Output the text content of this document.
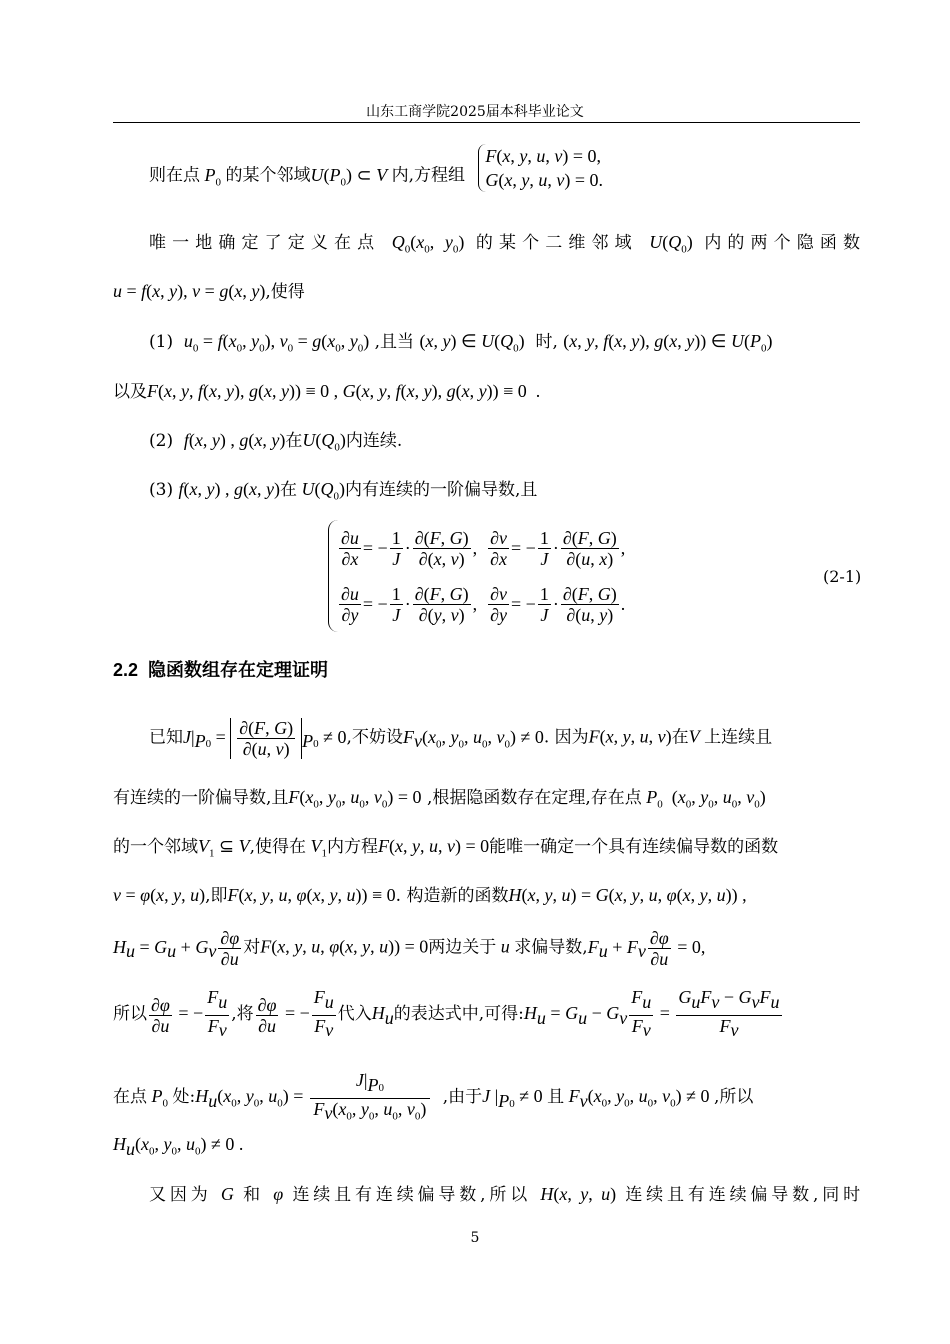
山东工商学院2025届本科毕业论文
则在点 $P_0$ 的某个邻域$U(P_0)$ ⊂ V 内,方程组 F(x, y, u, v) = 0,
G(x, y, u, v) = 0.
唯一地确定了定义在点 $Q_0(x_0$, $y_0$) 的某个二维邻域 $U(Q_0)$ 内的两个隐函数
u = f(x, y), v = g(x, y),使得
(1) $u_0 = f(x_0$, $y_0$), $v_0 = g(x_0$, $y_0$) ,且当 (x, y) ∈ $U(Q_0)$ 时, (x, y, f(x, y), g(x, y)) ∈ $U(P_0)$
以及F(x, y, f(x, y), g(x, y)) ≡ 0 , G(x, y, f(x, y), g(x, y)) ≡ 0  .
(2) f(x, y) , g(x, y)在$U(Q_0)$内连续.
(3) f(x, y) , g(x, y)在 $U(Q_0)$内有连续的一阶偏导数,且
$\frac{\partial u}{\partial x}$ = − $\frac{1}{J} \cdot \frac{\partial(F, G)}{\partial(x, v)}$ , $\frac{\partial v}{\partial x}$ = − $\frac{1}{J} \cdot \frac{\partial(F, G)}{\partial(u, x)}$ ,
$\frac{\partial u}{\partial y}$ = − $\frac{1}{J} \cdot \frac{\partial(F, G)}{\partial(y, v)}$ , $\frac{\partial v}{\partial y}$ = − $\frac{1}{J} \cdot \frac{\partial(F, G)}{\partial(u, y)}$ .
(2-1)
2.2 隐函数组存在定理证明
已知$J|_{P0} = \frac{\partial(F, G)}{\partial(u, v)} _{P0} \ne 0$,不妨设$F_v(x_0$, $y_0$, $u_0$, $v_0) \ne 0$. 因为F(x, y, u, v)在V 上连续且
有连续的一阶偏导数,且$F(x_0$, $y_0$, $u_0$, $v_0) = 0$ ,根据隐函数存在定理,存在点 $P_0$  ($x_0$, $y_0$, $u_0$, $v_0$)
的一个邻域$V_1$ ⊆ V,使得在 $V_1$内方程F(x, y, u, v) = 0能唯一确定一个具有连续偏导数的函数
v = φ(x, y, u),即F(x, y, u, φ(x, y, u)) ≡ 0. 构造新的函数H(x, y, u) = G(x, y, u, φ(x, y, u)) ,
$H_u = G_u + G_v \frac{\partial\varphi}{\partial u}$ 对F(x, y, u, φ(x, y, u)) = 0两边关于 u 求偏导数$,F_u + F_v \frac{\partial\varphi}{\partial u} = 0$,
所以 $\frac{\partial\varphi}{\partial u}$ = − $\frac{F_u}{F_v}$ ,将 $\frac{\partial\varphi}{\partial u}$ = − $\frac{F_u}{F_v}$ 代入$H_u$的表达式中,可得$:H_u = G_u - G_v \frac{F_u}{F_v} = \frac{G_uF_v - G_vF_u}{F_v}$
在点 $P_0$ 处$:H_u(x_0$, $y_0$, $u_0) = \frac{J|_{P0}}{F_v(x_0, y_0, u_0, v_0)}$ ,由于J $|_{P0} \ne 0$ 且 $F_v(x_0$, $y_0$, $u_0$, $v_0) \ne 0$ ,所以
$H_u(x_0$, $y_0$, $u_0) \ne 0$ .
又因为 G 和 φ 连续且有连续偏导数,所以 H(x, y, u) 连续且有连续偏导数,同时
5
